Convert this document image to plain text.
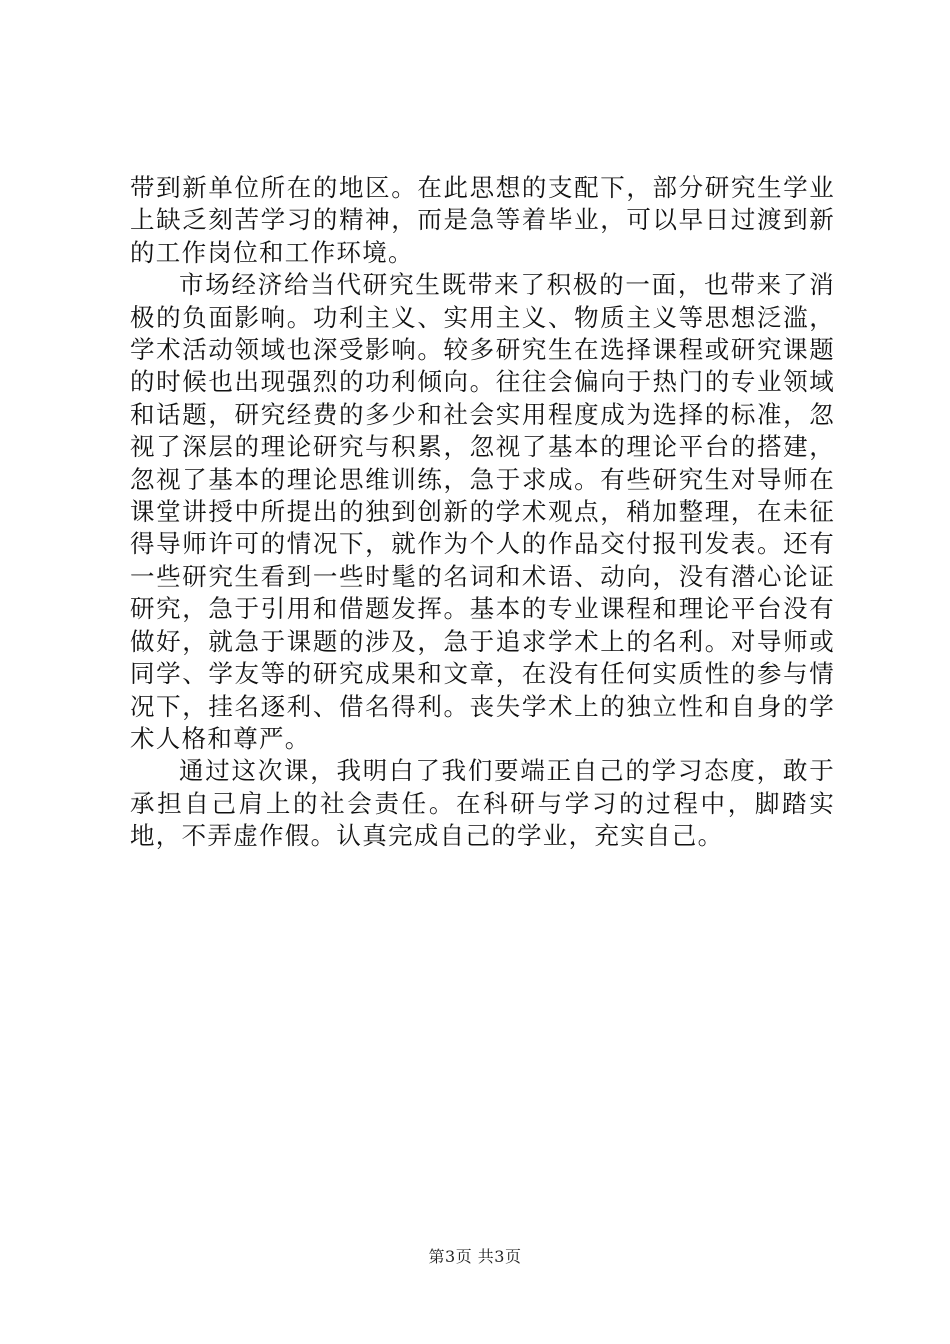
带到新单位所在的地区。在此思想的支配下，部分研究生学业上缺乏刻苦学习的精神，而是急等着毕业，可以早日过渡到新的工作岗位和工作环境。

市场经济给当代研究生既带来了积极的一面，也带来了消极的负面影响。功利主义、实用主义、物质主义等思想泛滥，学术活动领域也深受影响。较多研究生在选择课程或研究课题的时候也出现强烈的功利倾向。往往会偏向于热门的专业领域和话题，研究经费的多少和社会实用程度成为选择的标准，忽视了深层的理论研究与积累，忽视了基本的理论平台的搭建，忽视了基本的理论思维训练，急于求成。有些研究生对导师在课堂讲授中所提出的独到创新的学术观点，稍加整理，在未征得导师许可的情况下，就作为个人的作品交付报刊发表。还有一些研究生看到一些时髦的名词和术语、动向，没有潜心论证研究，急于引用和借题发挥。基本的专业课程和理论平台没有做好，就急于课题的涉及，急于追求学术上的名利。对导师或同学、学友等的研究成果和文章，在没有任何实质性的参与情况下，挂名逐利、借名得利。丧失学术上的独立性和自身的学术人格和尊严。

通过这次课，我明白了我们要端正自己的学习态度，敢于承担自己肩上的社会责任。在科研与学习的过程中，脚踏实地，不弄虚作假。认真完成自己的学业，充实自己。

第3页 共3页
